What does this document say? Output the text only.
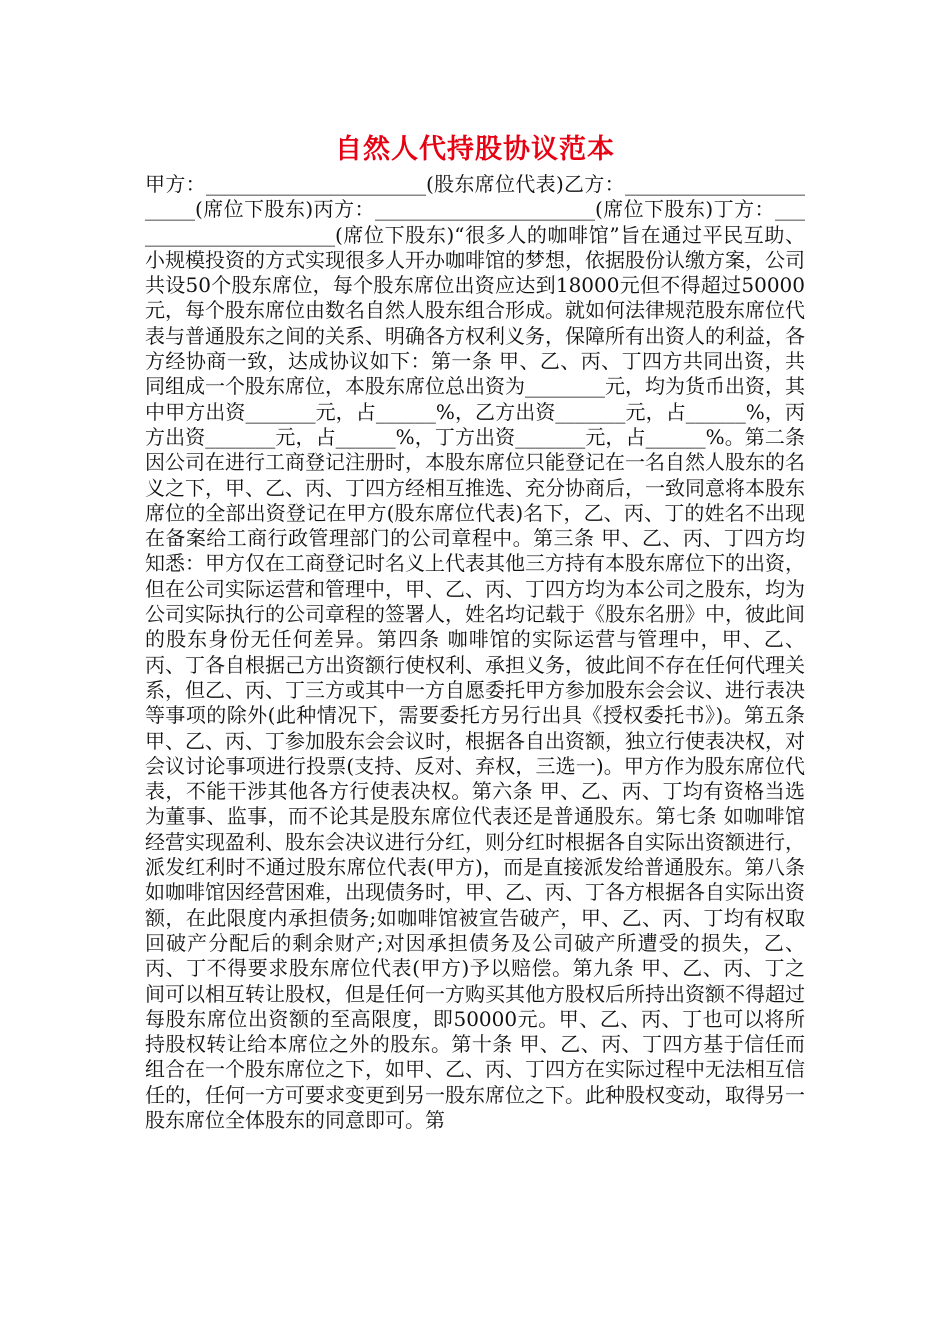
自然人代持股协议范本

甲方：______________________(股东席位代表)乙方：_______________________(席位下股东)丙方：______________________(席位下股东)丁方：______________________(席位下股东)“很多人的咖啡馆”旨在通过平民互助、小规模投资的方式实现很多人开办咖啡馆的梦想，依据股份认缴方案，公司共设50个股东席位，每个股东席位出资应达到18000元但不得超过50000元，每个股东席位由数名自然人股东组合形成。就如何法律规范股东席位代表与普通股东之间的关系、明确各方权利义务，保障所有出资人的利益，各方经协商一致，达成协议如下：第一条 甲、乙、丙、丁四方共同出资，共同组成一个股东席位，本股东席位总出资为________元，均为货币出资，其中甲方出资_______元，占______%，乙方出资_______元，占______%，丙方出资_______元，占______%，丁方出资_______元，占______%。第二条 因公司在进行工商登记注册时，本股东席位只能登记在一名自然人股东的名义之下，甲、乙、丙、丁四方经相互推选、充分协商后，一致同意将本股东席位的全部出资登记在甲方(股东席位代表)名下，乙、丙、丁的姓名不出现在备案给工商行政管理部门的公司章程中。第三条 甲、乙、丙、丁四方均知悉：甲方仅在工商登记时名义上代表其他三方持有本股东席位下的出资，但在公司实际运营和管理中，甲、乙、丙、丁四方均为本公司之股东，均为公司实际执行的公司章程的签署人，姓名均记载于《股东名册》中，彼此间的股东身份无任何差异。第四条 咖啡馆的实际运营与管理中，甲、乙、丙、丁各自根据己方出资额行使权利、承担义务，彼此间不存在任何代理关系，但乙、丙、丁三方或其中一方自愿委托甲方参加股东会会议、进行表决等事项的除外(此种情况下，需要委托方另行出具《授权委托书》)。第五条 甲、乙、丙、丁参加股东会会议时，根据各自出资额，独立行使表决权，对会议讨论事项进行投票(支持、反对、弃权，三选一)。甲方作为股东席位代表，不能干涉其他各方行使表决权。第六条 甲、乙、丙、丁均有资格当选为董事、监事，而不论其是股东席位代表还是普通股东。第七条 如咖啡馆经营实现盈利、股东会决议进行分红，则分红时根据各自实际出资额进行，派发红利时不通过股东席位代表(甲方)，而是直接派发给普通股东。第八条 如咖啡馆因经营困难，出现债务时，甲、乙、丙、丁各方根据各自实际出资额，在此限度内承担债务;如咖啡馆被宣告破产，甲、乙、丙、丁均有权取回破产分配后的剩余财产;对因承担债务及公司破产所遭受的损失，乙、丙、丁不得要求股东席位代表(甲方)予以赔偿。第九条 甲、乙、丙、丁之间可以相互转让股权，但是任何一方购买其他方股权后所持出资额不得超过每股东席位出资额的至高限度，即50000元。甲、乙、丙、丁也可以将所持股权转让给本席位之外的股东。第十条 甲、乙、丙、丁四方基于信任而组合在一个股东席位之下，如甲、乙、丙、丁四方在实际过程中无法相互信任的，任何一方可要求变更到另一股东席位之下。此种股权变动，取得另一股东席位全体股东的同意即可。第
